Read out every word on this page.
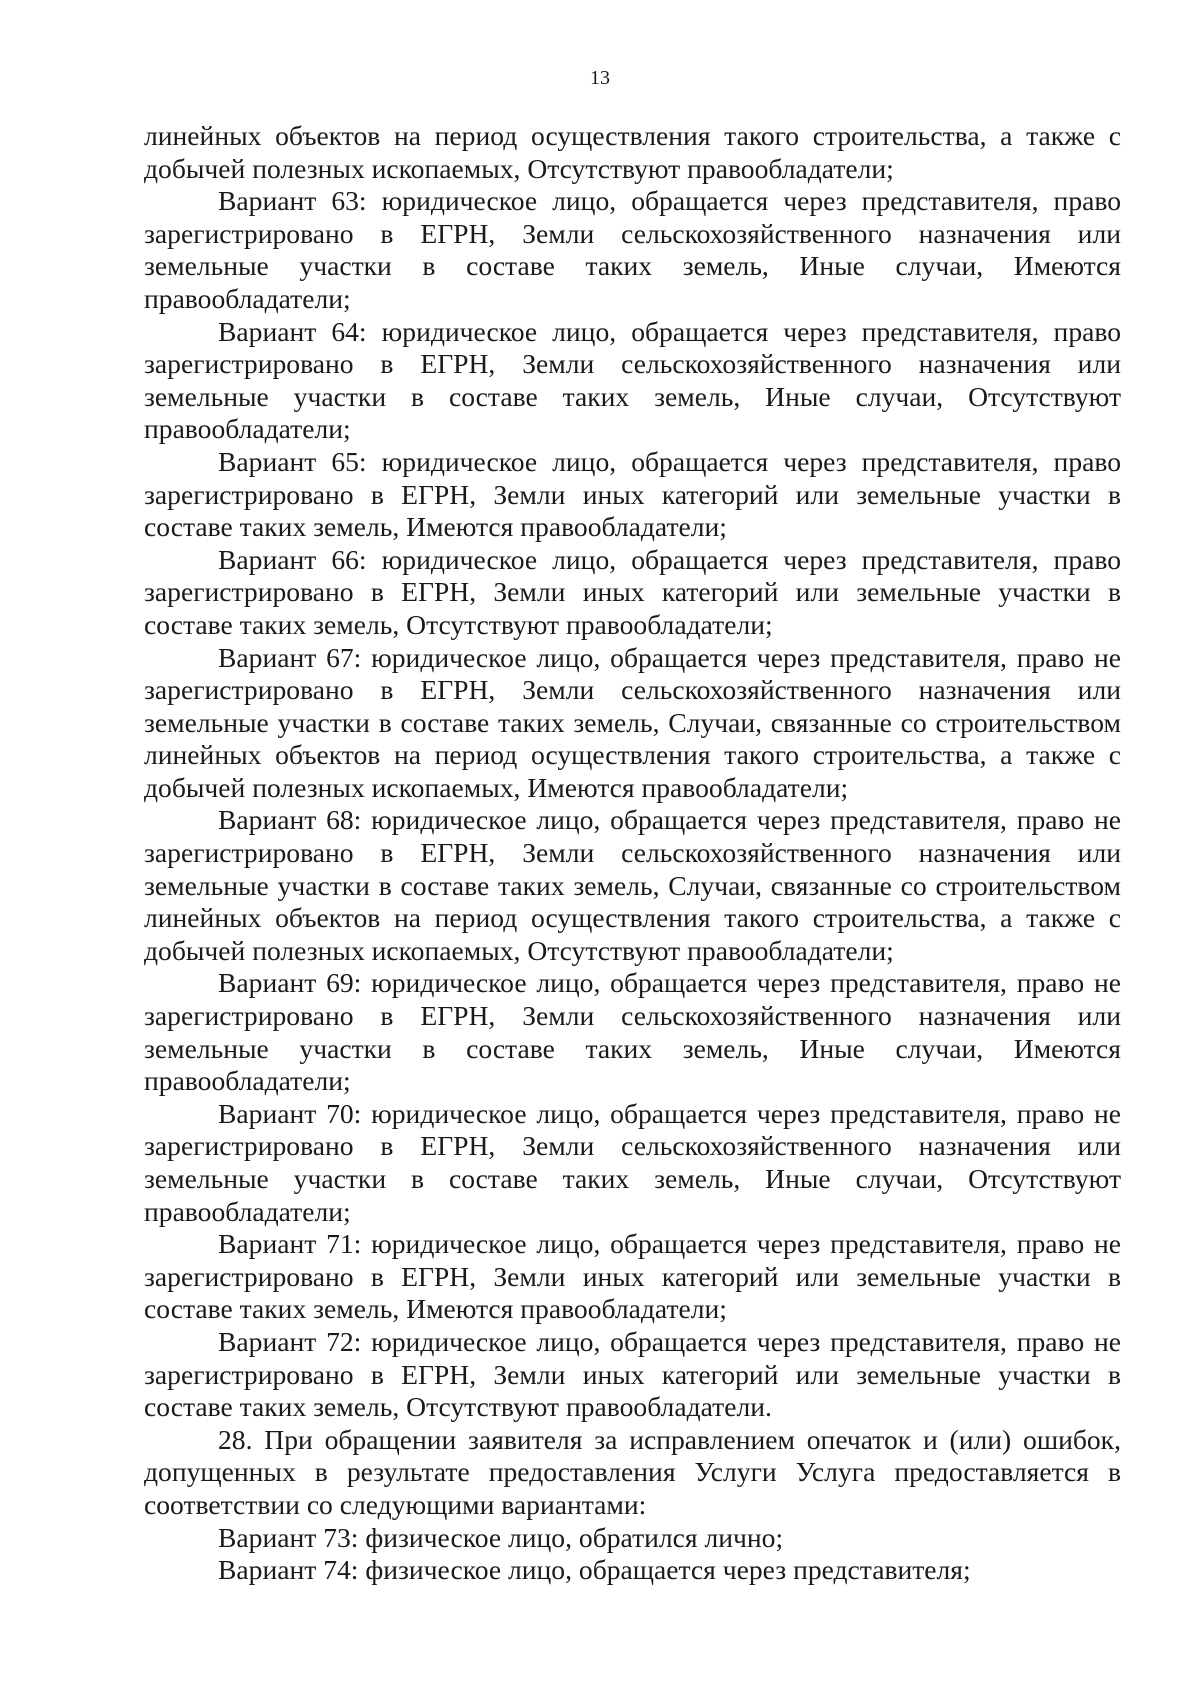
13

линейных объектов на период осуществления такого строительства, а также с добычей полезных ископаемых, Отсутствуют правообладатели;

Вариант 63: юридическое лицо, обращается через представителя, право зарегистрировано в ЕГРН, Земли сельскохозяйственного назначения или земельные участки в составе таких земель, Иные случаи, Имеются правообладатели;

Вариант 64: юридическое лицо, обращается через представителя, право зарегистрировано в ЕГРН, Земли сельскохозяйственного назначения или земельные участки в составе таких земель, Иные случаи, Отсутствуют правообладатели;

Вариант 65: юридическое лицо, обращается через представителя, право зарегистрировано в ЕГРН, Земли иных категорий или земельные участки в составе таких земель, Имеются правообладатели;

Вариант 66: юридическое лицо, обращается через представителя, право зарегистрировано в ЕГРН, Земли иных категорий или земельные участки в составе таких земель, Отсутствуют правообладатели;

Вариант 67: юридическое лицо, обращается через представителя, право не зарегистрировано в ЕГРН, Земли сельскохозяйственного назначения или земельные участки в составе таких земель, Случаи, связанные со строительством линейных объектов на период осуществления такого строительства, а также с добычей полезных ископаемых, Имеются правообладатели;

Вариант 68: юридическое лицо, обращается через представителя, право не зарегистрировано в ЕГРН, Земли сельскохозяйственного назначения или земельные участки в составе таких земель, Случаи, связанные со строительством линейных объектов на период осуществления такого строительства, а также с добычей полезных ископаемых, Отсутствуют правообладатели;

Вариант 69: юридическое лицо, обращается через представителя, право не зарегистрировано в ЕГРН, Земли сельскохозяйственного назначения или земельные участки в составе таких земель, Иные случаи, Имеются правообладатели;

Вариант 70: юридическое лицо, обращается через представителя, право не зарегистрировано в ЕГРН, Земли сельскохозяйственного назначения или земельные участки в составе таких земель, Иные случаи, Отсутствуют правообладатели;

Вариант 71: юридическое лицо, обращается через представителя, право не зарегистрировано в ЕГРН, Земли иных категорий или земельные участки в составе таких земель, Имеются правообладатели;

Вариант 72: юридическое лицо, обращается через представителя, право не зарегистрировано в ЕГРН, Земли иных категорий или земельные участки в составе таких земель, Отсутствуют правообладатели.

28. При обращении заявителя за исправлением опечаток и (или) ошибок, допущенных в результате предоставления Услуги Услуга предоставляется в соответствии со следующими вариантами:

Вариант 73: физическое лицо, обратился лично;

Вариант 74: физическое лицо, обращается через представителя;
